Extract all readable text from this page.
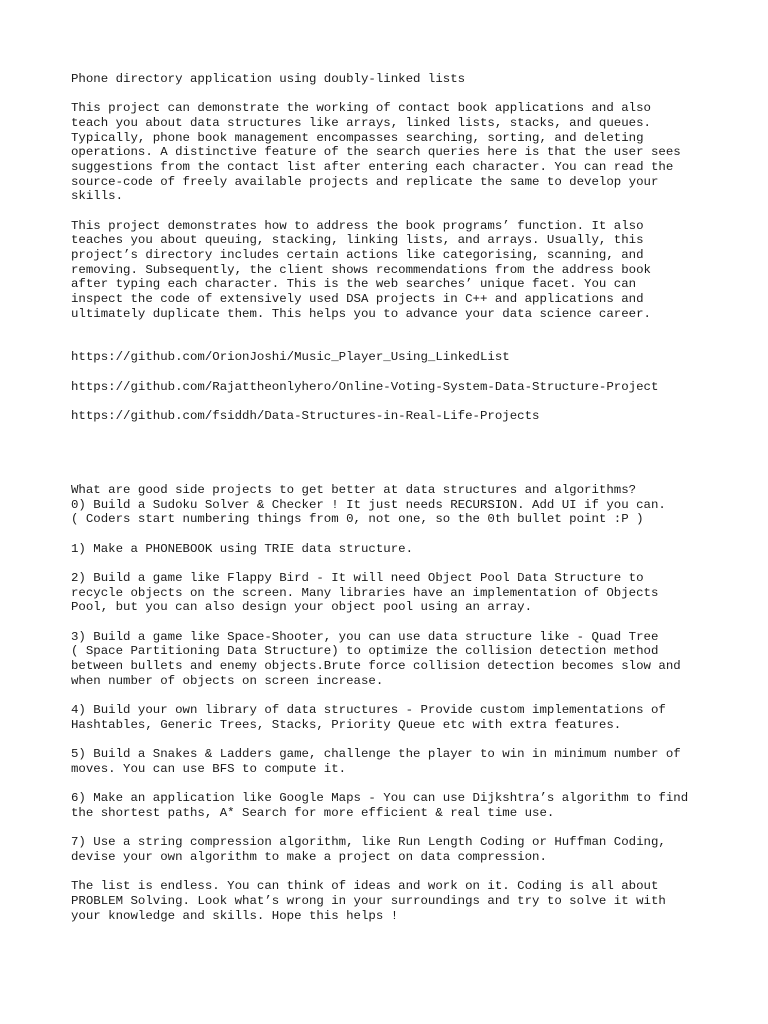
Phone directory application using doubly-linked lists
This project can demonstrate the working of contact book applications and also
teach you about data structures like arrays, linked lists, stacks, and queues.
Typically, phone book management encompasses searching, sorting, and deleting
operations. A distinctive feature of the search queries here is that the user sees
suggestions from the contact list after entering each character. You can read the
source-code of freely available projects and replicate the same to develop your
skills.
This project demonstrates how to address the book programs’ function. It also
teaches you about queuing, stacking, linking lists, and arrays. Usually, this
project’s directory includes certain actions like categorising, scanning, and
removing. Subsequently, the client shows recommendations from the address book
after typing each character. This is the web searches’ unique facet. You can
inspect the code of extensively used DSA projects in C++ and applications and
ultimately duplicate them. This helps you to advance your data science career.
https://github.com/OrionJoshi/Music_Player_Using_LinkedList
https://github.com/Rajattheonlyhero/Online-Voting-System-Data-Structure-Project
https://github.com/fsiddh/Data-Structures-in-Real-Life-Projects
What are good side projects to get better at data structures and algorithms?
0) Build a Sudoku Solver & Checker ! It just needs RECURSION. Add UI if you can.
( Coders start numbering things from 0, not one, so the 0th bullet point :P )
1) Make a PHONEBOOK using TRIE data structure.
2) Build a game like Flappy Bird - It will need Object Pool Data Structure to
recycle objects on the screen. Many libraries have an implementation of Objects
Pool, but you can also design your object pool using an array.
3) Build a game like Space-Shooter, you can use data structure like - Quad Tree
( Space Partitioning Data Structure) to optimize the collision detection method
between bullets and enemy objects.Brute force collision detection becomes slow and
when number of objects on screen increase.
4) Build your own library of data structures - Provide custom implementations of
Hashtables, Generic Trees, Stacks, Priority Queue etc with extra features.
5) Build a Snakes & Ladders game, challenge the player to win in minimum number of
moves. You can use BFS to compute it.
6) Make an application like Google Maps - You can use Dijkshtra’s algorithm to find
the shortest paths, A* Search for more efficient & real time use.
7) Use a string compression algorithm, like Run Length Coding or Huffman Coding,
devise your own algorithm to make a project on data compression.
The list is endless. You can think of ideas and work on it. Coding is all about
PROBLEM Solving. Look what’s wrong in your surroundings and try to solve it with
your knowledge and skills. Hope this helps !
